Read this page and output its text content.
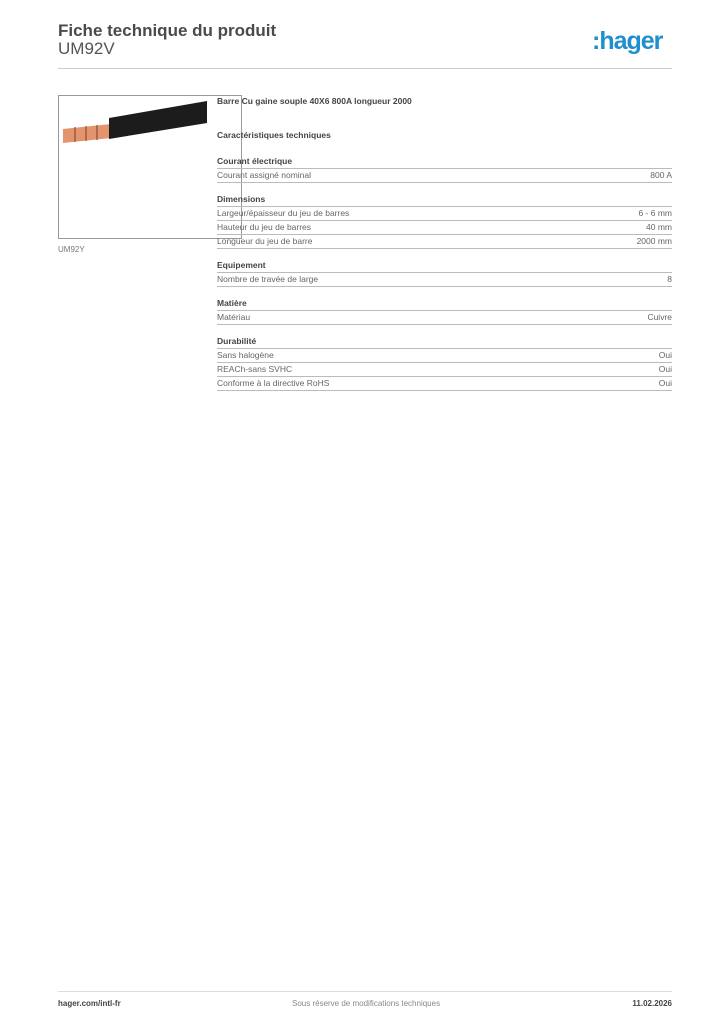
Fiche technique du produit
UM92V	:hager
UM92Y
Barre Cu gaine souple 40X6 800A longueur 2000
Caractéristiques techniques
Courant électrique
Courant assigné nominal	800 A
Dimensions
Largeur/épaisseur du jeu de barres	6 - 6 mm
Hauteur du jeu de barres	40 mm
Longueur du jeu de barre	2000 mm
Equipement
Nombre de travée de large	8
Matière
Matériau	Cuivre
Durabilité
Sans halogène	Oui
REACh-sans SVHC	Oui
Conforme à la directive RoHS	Oui
hager.com/intl-fr	Sous réserve de modifications techniques	11.02.2026
